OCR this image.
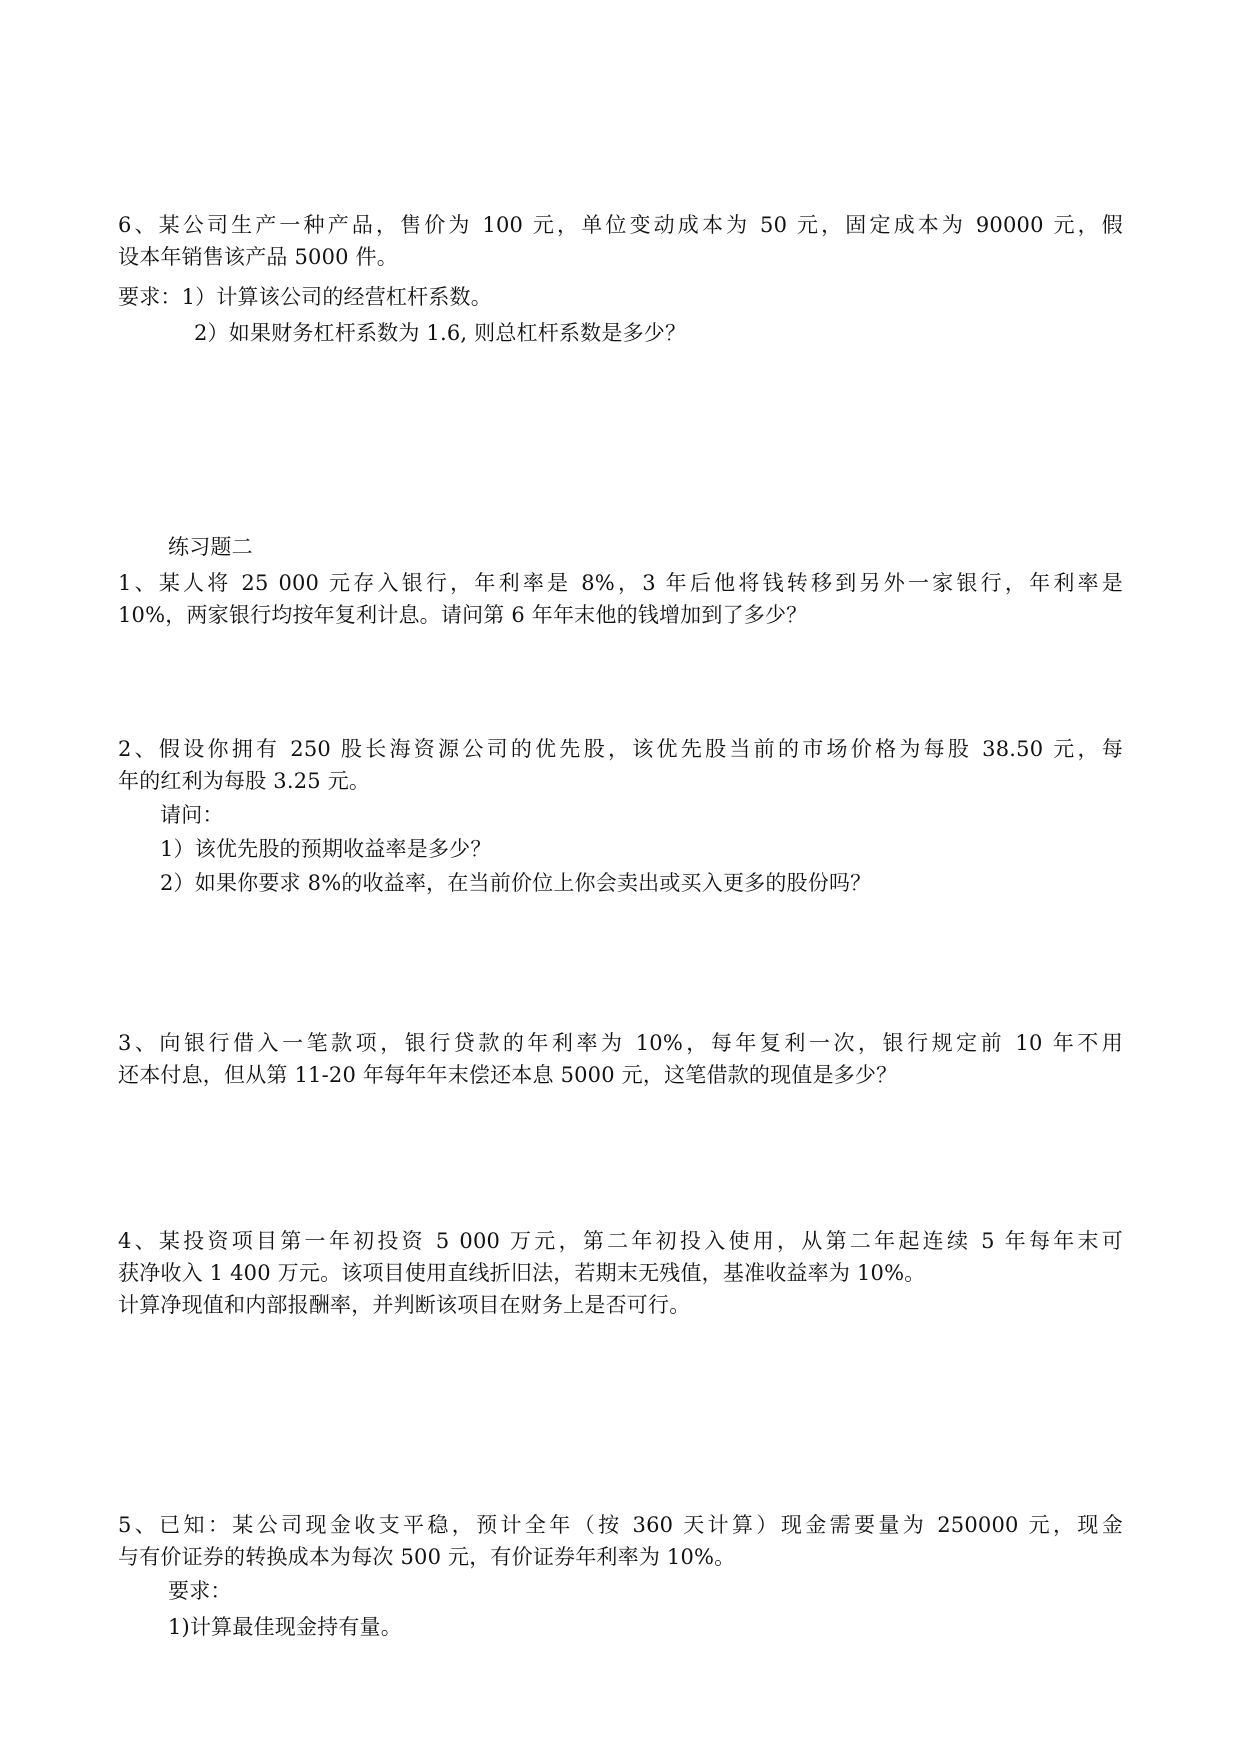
6、某公司生产一种产品，售价为 100 元，单位变动成本为 50 元，固定成本为 90000 元，假
设本年销售该产品 5000 件。
要求：1）计算该公司的经营杠杆系数。
2）如果财务杠杆系数为 1.6, 则总杠杆系数是多少？
练习题二
1、某人将 25 000 元存入银行，年利率是 8%，3 年后他将钱转移到另外一家银行，年利率是
10%，两家银行均按年复利计息。请问第 6 年年末他的钱增加到了多少？
2、假设你拥有 250 股长海资源公司的优先股，该优先股当前的市场价格为每股 38.50 元，每
年的红利为每股 3.25 元。
请问：
1）该优先股的预期收益率是多少？
2）如果你要求 8%的收益率，在当前价位上你会卖出或买入更多的股份吗？
3、向银行借入一笔款项，银行贷款的年利率为 10%，每年复利一次，银行规定前 10 年不用
还本付息，但从第 11-20 年每年年末偿还本息 5000 元，这笔借款的现值是多少？
4、某投资项目第一年初投资 5 000 万元，第二年初投入使用，从第二年起连续 5 年每年末可
获净收入 1 400 万元。该项目使用直线折旧法，若期末无残值，基准收益率为 10%。
计算净现值和内部报酬率，并判断该项目在财务上是否可行。
5、已知：某公司现金收支平稳，预计全年（按 360 天计算）现金需要量为 250000 元，现金
与有价证券的转换成本为每次 500 元，有价证券年利率为 10%。
要求：
1)计算最佳现金持有量。
